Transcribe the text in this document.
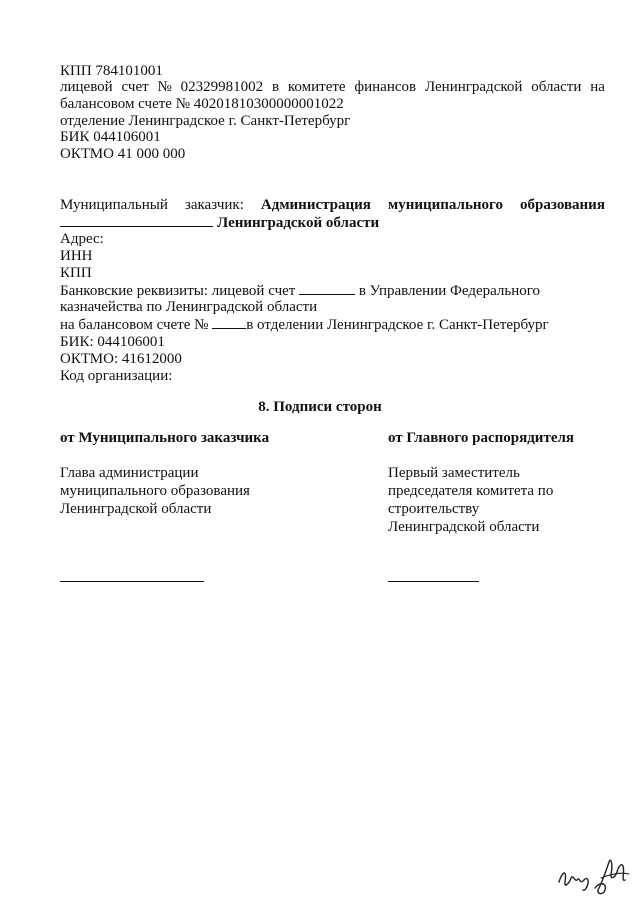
КПП 784101001
лицевой счет № 02329981002 в комитете финансов Ленинградской области на
балансовом счете № 40201810300000001022
отделение Ленинградское г. Санкт-Петербург
БИК 044106001
ОКТМО 41 000 000
Муниципальный заказчик: Администрация муниципального образования
Ленинградской области
Адрес:
ИНН
КПП
Банковские реквизиты: лицевой счет	в Управлении Федерального
казначейства по Ленинградской области
на балансовом счете №	в отделении Ленинградское г. Санкт-Петербург
БИК: 044106001
ОКТМО: 41612000
Код организации:
8. Подписи сторон
от Муниципального заказчика	от Главного распорядителя
Глава администрации
муниципального образования
Ленинградской области
Первый заместитель
председателя комитета по
строительству
Ленинградской области
